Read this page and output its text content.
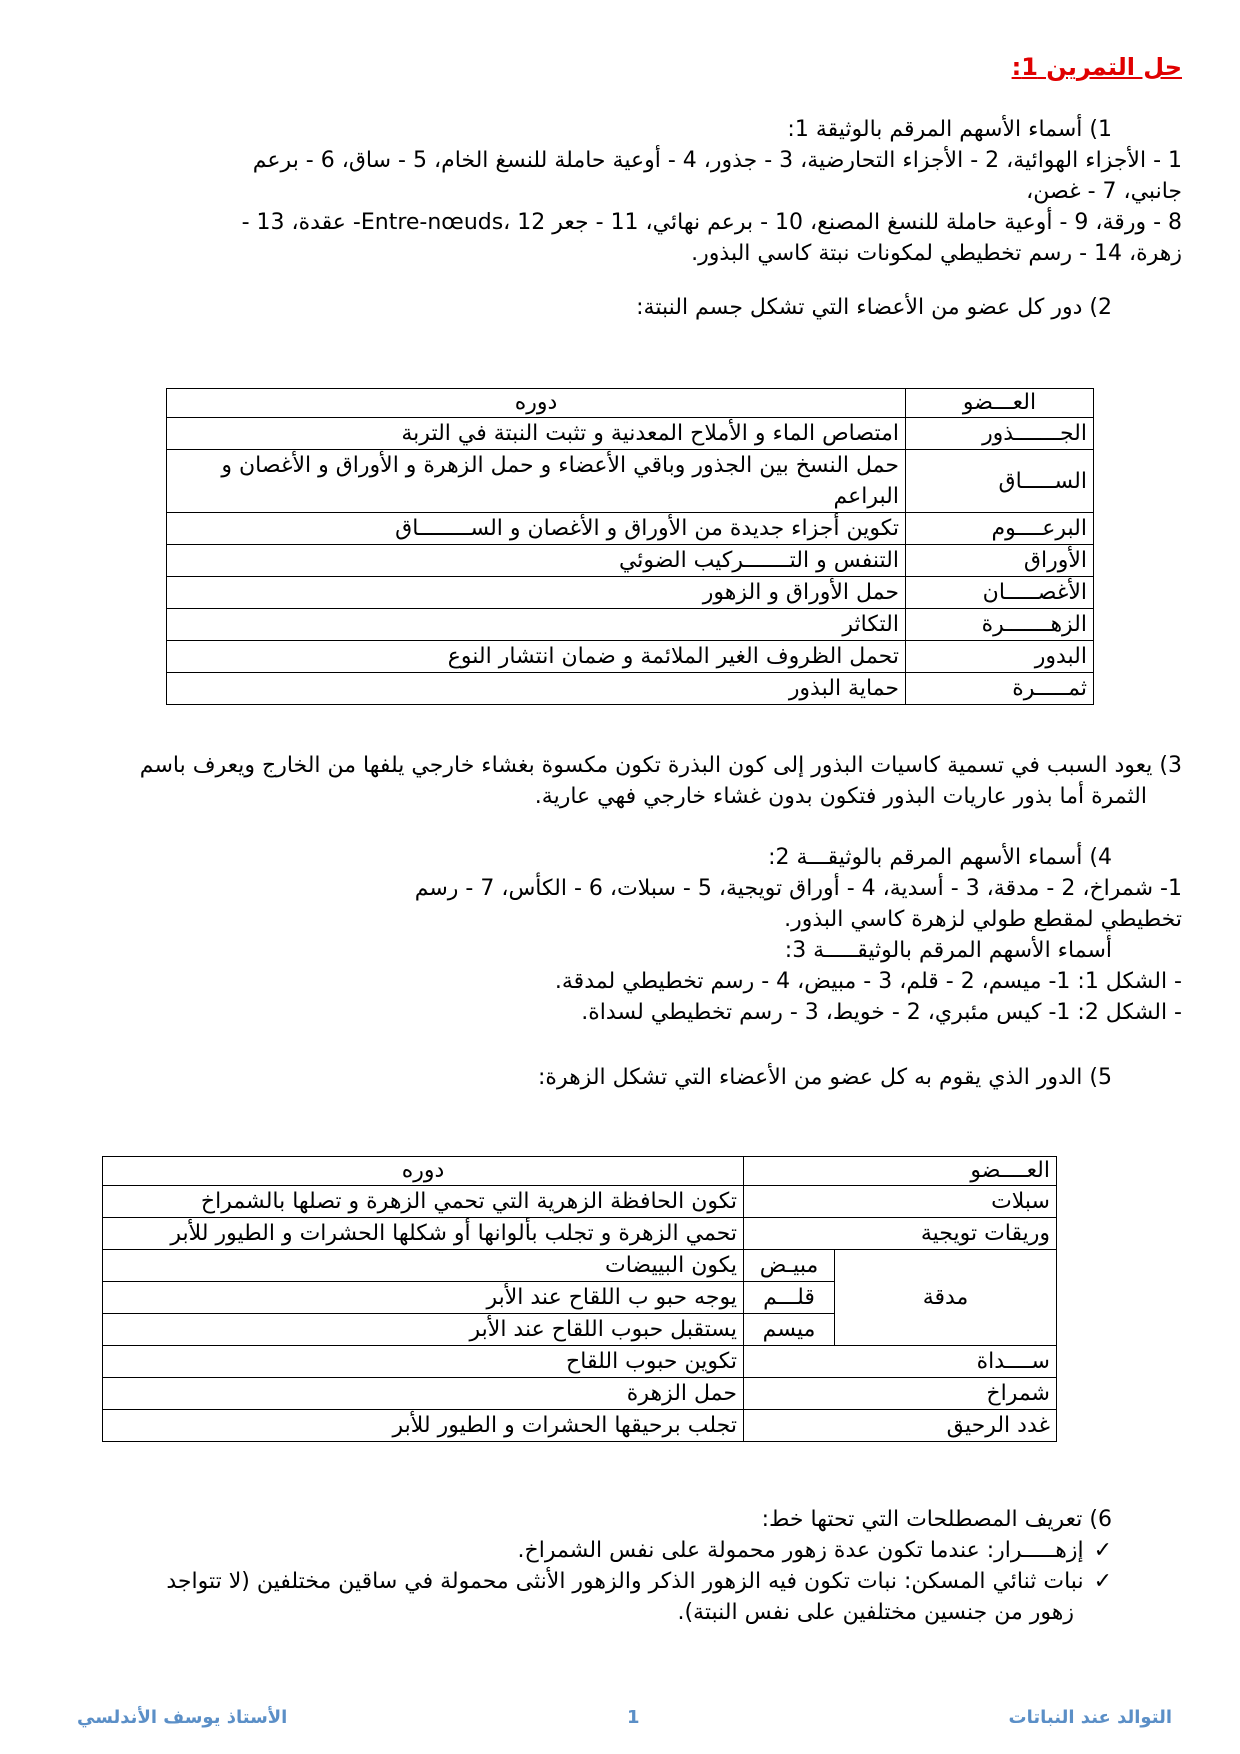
حل التمرين 1:
1) أسماء الأسهم المرقم بالوثيقة 1:
1 - الأجزاء الهوائية، 2 - الأجزاء التحارضية، 3 - جذور، 4 - أوعية حاملة للنسغ الخام، 5 - ساق، 6 - برعم
جانبي، 7 - غصن،
8 - ورقة، 9 - أوعية حاملة للنسغ المصنع، 10 - برعم نهائي، 11 - جعر Entre-nœuds، 12- عقدة، 13 -
زهرة، 14 - رسم تخطيطي لمكونات نبتة كاسي البذور.
2) دور كل عضو من الأعضاء التي تشكل جسم النبتة:
العـــضو	دوره
الجـــــــذور	امتصاص الماء و الأملاح المعدنية و تثبت النبتة في التربة
الســـــاق	حمل النسخ بين الجذور وباقي الأعضاء و حمل الزهرة و الأوراق و الأغصان و البراعم
البرعــــوم	تكوين أجزاء جديدة من الأوراق و الأغصان و الســــــــاق
الأوراق	التنفس و التـــــــركيب الضوئي
الأغصـــــان	حمل الأوراق و الزهور
الزهـــــــرة	التكاثر
البدور	تحمل الظروف الغير الملائمة و ضمان انتشار النوع
ثمـــــرة	حماية البذور
3) يعود السبب في تسمية كاسيات البذور إلى كون البذرة تكون مكسوة بغشاء خارجي يلفها من الخارج ويعرف باسم
الثمرة أما بذور عاريات البذور فتكون بدون غشاء خارجي فهي عارية.
4) أسماء الأسهم المرقم بالوثيقـــة 2:
1- شمراخ، 2 - مدقة، 3 - أسدية، 4 - أوراق تويجية، 5 - سبلات، 6 - الكأس، 7 - رسم
تخطيطي لمقطع طولي لزهرة كاسي البذور.
أسماء الأسهم المرقم بالوثيقـــــة 3:
- الشكل 1: 1- ميسم، 2 - قلم، 3 - مبيض، 4 - رسم تخطيطي لمدقة.
- الشكل 2: 1- كيس مئبري، 2 - خويط، 3 - رسم تخطيطي لسداة.
5) الدور الذي يقوم به كل عضو من الأعضاء التي تشكل الزهرة:
العــــضو		دوره
سبلات		تكون الحافظة الزهرية التي تحمي الزهرة و تصلها بالشمراخ
وريقات تويجية		تحمي الزهرة و تجلب بألوانها أو شكلها الحشرات و الطيور للأبر
مدقة	مبيـض	يكون البييضات
	قلـــم	يوجه حبو ب اللقاح عند الأبر
	ميسم	يستقبل حبوب اللقاح عند الأبر
ســــداة		تكوين حبوب اللقاح
شمراخ		حمل الزهرة
غدد الرحيق		تجلب برحيقها الحشرات و الطيور للأبر
6) تعريف المصطلحات التي تحتها خط:
✓إزهـــــرار: عندما تكون عدة زهور محمولة على نفس الشمراخ.
✓نبات ثنائي المسكن: نبات تكون فيه الزهور الذكر والزهور الأنثى محمولة في ساقين مختلفين (لا تتواجد
زهور من جنسين مختلفين على نفس النبتة).
التوالد عند النباتات
1
الأستاذ يوسف الأندلسي
